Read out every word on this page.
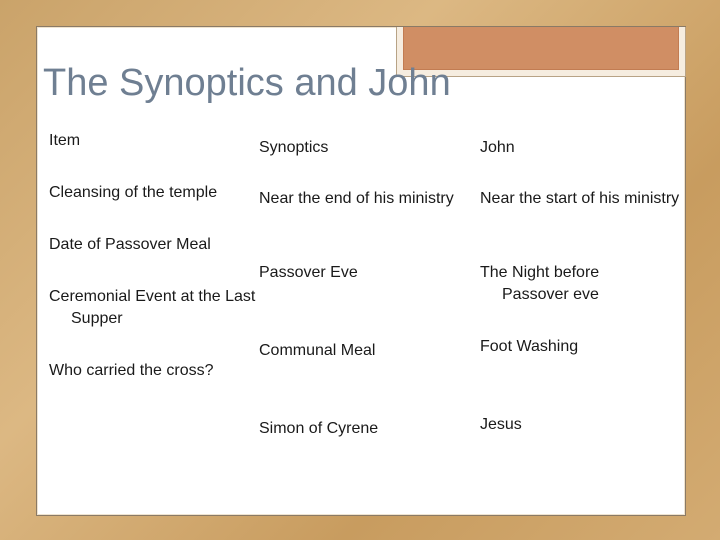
The Synoptics and John
Item
Cleansing of the temple
Date of Passover Meal
Ceremonial Event at the Last Supper
Who carried the cross?
Synoptics
Near the end of his ministry
Passover Eve
Communal Meal
Simon of Cyrene
John
Near the start of his ministry
The Night before Passover eve
Foot Washing
Jesus
